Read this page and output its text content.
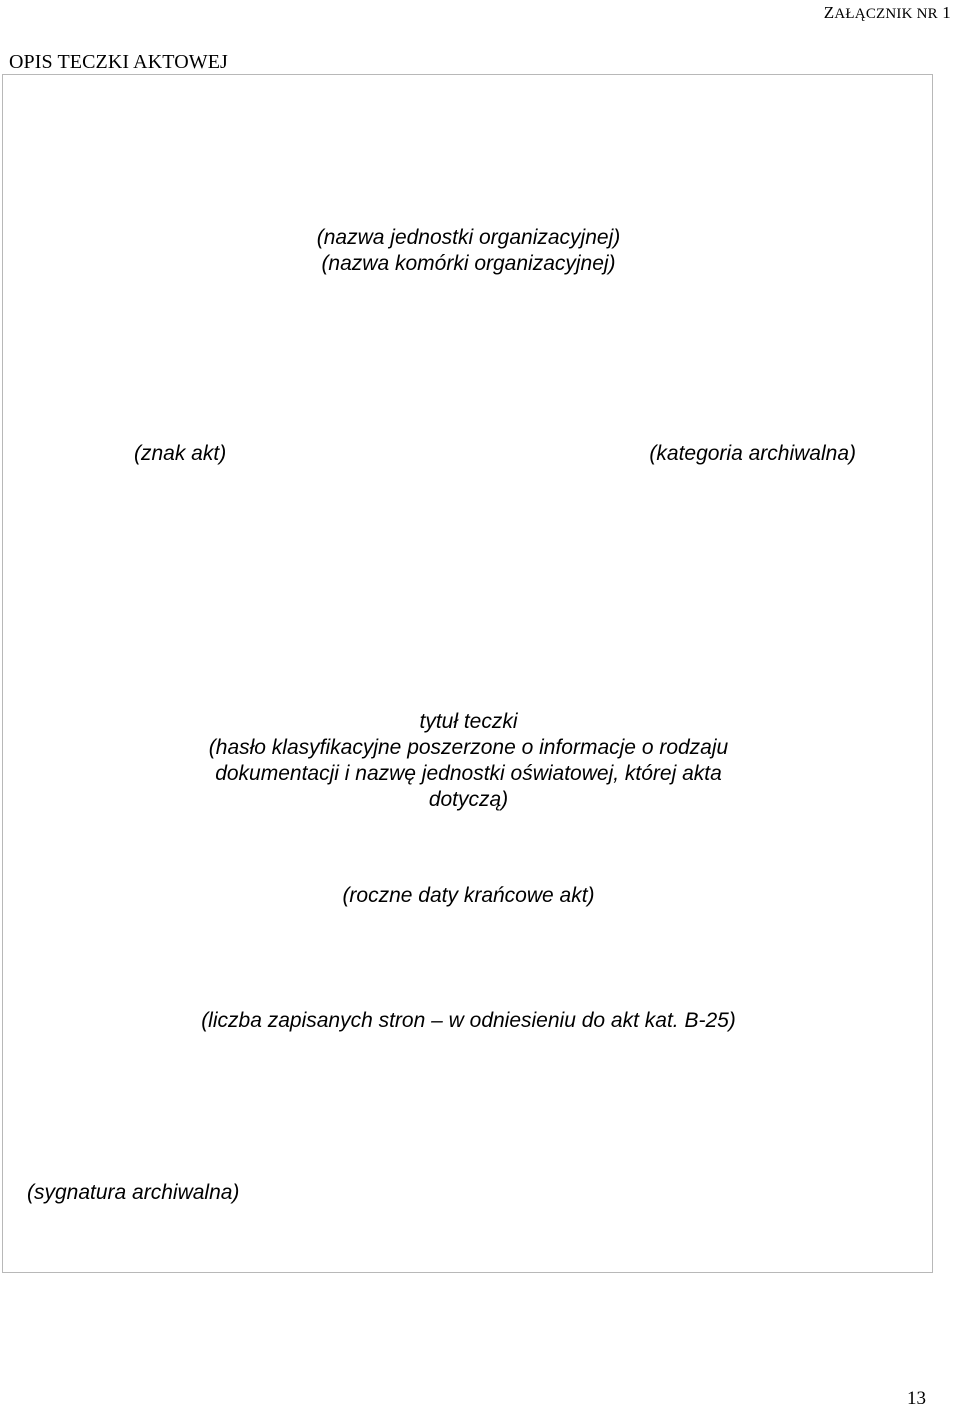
ZAŁĄCZNIK NR 1
OPIS TECZKI AKTOWEJ
(nazwa jednostki organizacyjnej)
(nazwa komórki organizacyjnej)
(znak akt)	(kategoria archiwalna)
tytuł teczki
(hasło klasyfikacyjne poszerzone o informacje o rodzaju
dokumentacji i nazwę jednostki oświatowej, której akta
dotyczą)
(roczne daty krańcowe akt)
(liczba zapisanych stron – w odniesieniu do akt kat. B-25)
(sygnatura archiwalna)
13
